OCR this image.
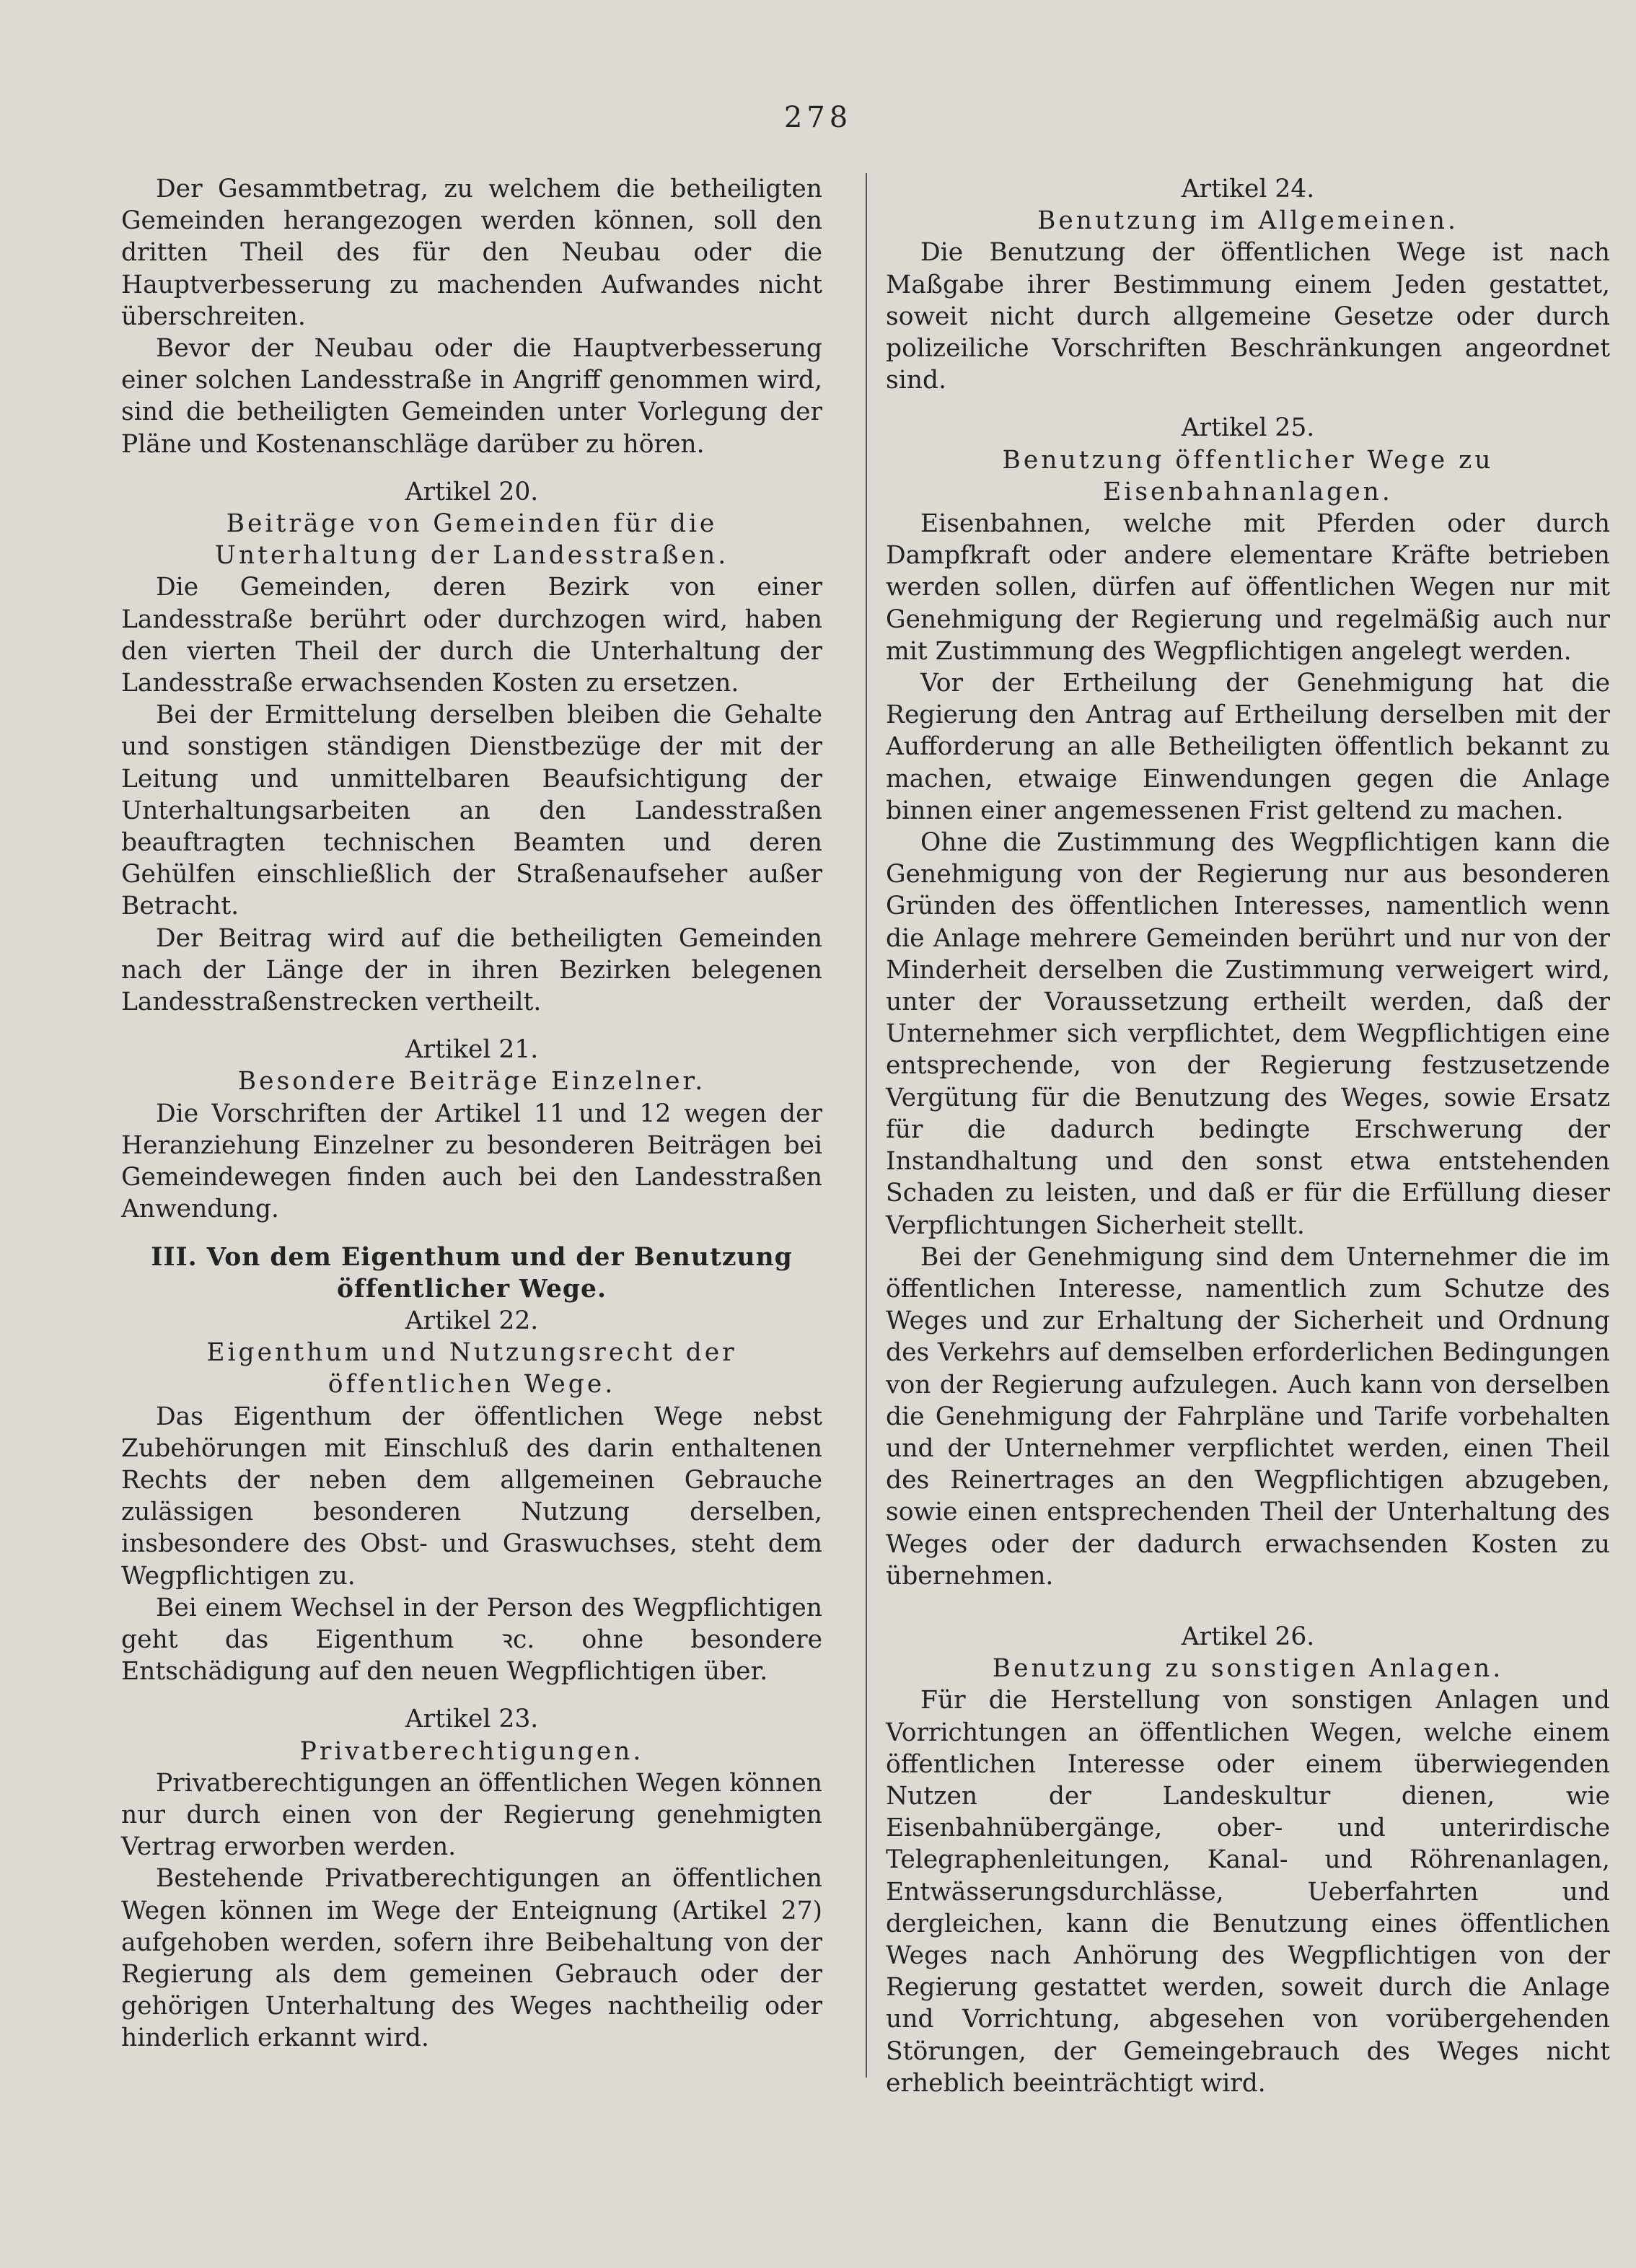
278

Der Gesammtbetrag, zu welchem die betheiligten Gemeinden herangezogen werden können, soll den dritten Theil des für den Neubau oder die Hauptverbesserung zu machenden Aufwandes nicht überschreiten.

Bevor der Neubau oder die Hauptverbesserung einer solchen Landesstraße in Angriff genommen wird, sind die betheiligten Gemeinden unter Vorlegung der Pläne und Kostenanschläge darüber zu hören.

Artikel 20.

Beiträge von Gemeinden für die Unterhaltung der Landesstraßen.

Die Gemeinden, deren Bezirk von einer Landesstraße berührt oder durchzogen wird, haben den vierten Theil der durch die Unterhaltung der Landesstraße erwachsenden Kosten zu ersetzen.

Bei der Ermittelung derselben bleiben die Gehalte und sonstigen ständigen Dienstbezüge der mit der Leitung und unmittelbaren Beaufsichtigung der Unterhaltungsarbeiten an den Landesstraßen beauftragten technischen Beamten und deren Gehülfen einschließlich der Straßenaufseher außer Betracht.

Der Beitrag wird auf die betheiligten Gemeinden nach der Länge der in ihren Bezirken belegenen Landesstraßenstrecken vertheilt.

Artikel 21.

Besondere Beiträge Einzelner.

Die Vorschriften der Artikel 11 und 12 wegen der Heranziehung Einzelner zu besonderen Beiträgen bei Gemeindewegen finden auch bei den Landesstraßen Anwendung.

III. Von dem Eigenthum und der Benutzung öffentlicher Wege.

Artikel 22.

Eigenthum und Nutzungsrecht der öffentlichen Wege.

Das Eigenthum der öffentlichen Wege nebst Zubehörungen mit Einschluß des darin enthaltenen Rechts der neben dem allgemeinen Gebrauche zulässigen besonderen Nutzung derselben, insbesondere des Obst- und Graswuchses, steht dem Wegpflichtigen zu.

Bei einem Wechsel in der Person des Wegpflichtigen geht das Eigenthum ꝛc. ohne besondere Entschädigung auf den neuen Wegpflichtigen über.

Artikel 23.

Privatberechtigungen.

Privatberechtigungen an öffentlichen Wegen können nur durch einen von der Regierung genehmigten Vertrag erworben werden.

Bestehende Privatberechtigungen an öffentlichen Wegen können im Wege der Enteignung (Artikel 27) aufgehoben werden, sofern ihre Beibehaltung von der Regierung als dem gemeinen Gebrauch oder der gehörigen Unterhaltung des Weges nachtheilig oder hinderlich erkannt wird.

Artikel 24.

Benutzung im Allgemeinen.

Die Benutzung der öffentlichen Wege ist nach Maßgabe ihrer Bestimmung einem Jeden gestattet, soweit nicht durch allgemeine Gesetze oder durch polizeiliche Vorschriften Beschränkungen angeordnet sind.

Artikel 25.

Benutzung öffentlicher Wege zu Eisenbahnanlagen.

Eisenbahnen, welche mit Pferden oder durch Dampfkraft oder andere elementare Kräfte betrieben werden sollen, dürfen auf öffentlichen Wegen nur mit Genehmigung der Regierung und regelmäßig auch nur mit Zustimmung des Wegpflichtigen angelegt werden.

Vor der Ertheilung der Genehmigung hat die Regierung den Antrag auf Ertheilung derselben mit der Aufforderung an alle Betheiligten öffentlich bekannt zu machen, etwaige Einwendungen gegen die Anlage binnen einer angemessenen Frist geltend zu machen.

Ohne die Zustimmung des Wegpflichtigen kann die Genehmigung von der Regierung nur aus besonderen Gründen des öffentlichen Interesses, namentlich wenn die Anlage mehrere Gemeinden berührt und nur von der Minderheit derselben die Zustimmung verweigert wird, unter der Voraussetzung ertheilt werden, daß der Unternehmer sich verpflichtet, dem Wegpflichtigen eine entsprechende, von der Regierung festzusetzende Vergütung für die Benutzung des Weges, sowie Ersatz für die dadurch bedingte Erschwerung der Instandhaltung und den sonst etwa entstehenden Schaden zu leisten, und daß er für die Erfüllung dieser Verpflichtungen Sicherheit stellt.

Bei der Genehmigung sind dem Unternehmer die im öffentlichen Interesse, namentlich zum Schutze des Weges und zur Erhaltung der Sicherheit und Ordnung des Verkehrs auf demselben erforderlichen Bedingungen von der Regierung aufzulegen. Auch kann von derselben die Genehmigung der Fahrpläne und Tarife vorbehalten und der Unternehmer verpflichtet werden, einen Theil des Reinertrages an den Wegpflichtigen abzugeben, sowie einen entsprechenden Theil der Unterhaltung des Weges oder der dadurch erwachsenden Kosten zu übernehmen.

Artikel 26.

Benutzung zu sonstigen Anlagen.

Für die Herstellung von sonstigen Anlagen und Vorrichtungen an öffentlichen Wegen, welche einem öffentlichen Interesse oder einem überwiegenden Nutzen der Landeskultur dienen, wie Eisenbahnübergänge, ober- und unterirdische Telegraphenleitungen, Kanal- und Röhrenanlagen, Entwässerungsdurchlässe, Ueberfahrten und dergleichen, kann die Benutzung eines öffentlichen Weges nach Anhörung des Wegpflichtigen von der Regierung gestattet werden, soweit durch die Anlage und Vorrichtung, abgesehen von vorübergehenden Störungen, der Gemeingebrauch des Weges nicht erheblich beeinträchtigt wird.
